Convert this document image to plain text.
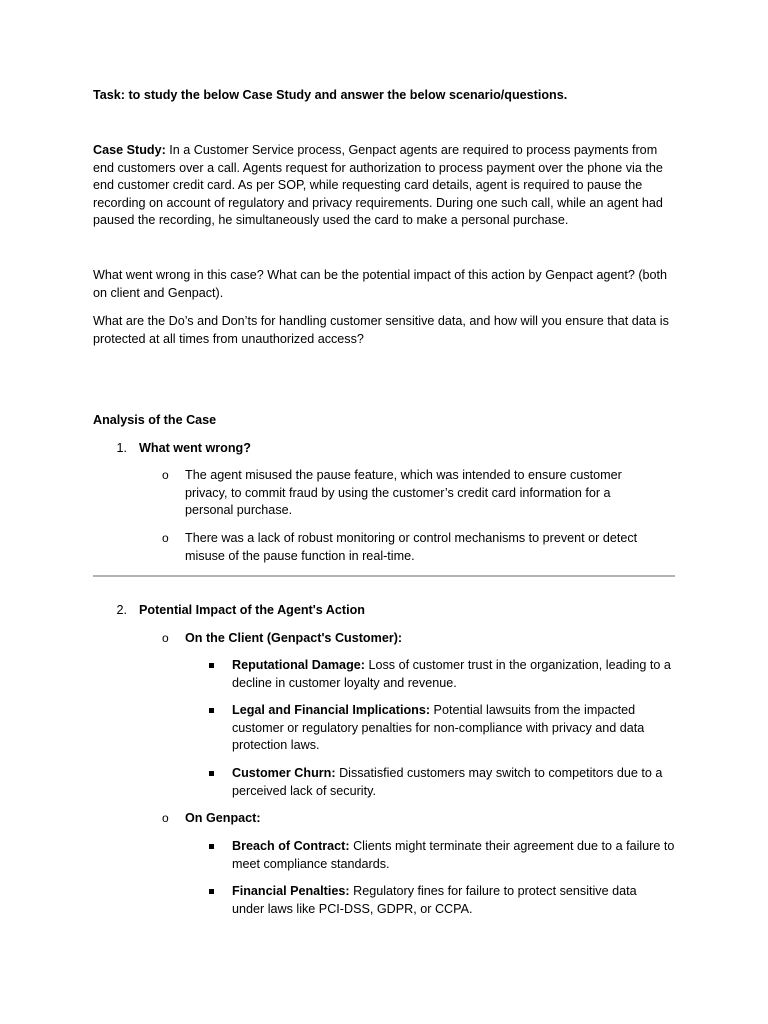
Task: to study the below Case Study and answer the below scenario/questions.

Case Study: In a Customer Service process, Genpact agents are required to process payments from end customers over a call. Agents request for authorization to process payment over the phone via the end customer credit card. As per SOP, while requesting card details, agent is required to pause the recording on account of regulatory and privacy requirements. During one such call, while an agent had paused the recording, he simultaneously used the card to make a personal purchase.

What went wrong in this case? What can be the potential impact of this action by Genpact agent? (both on client and Genpact).

What are the Do’s and Don’ts for handling customer sensitive data, and how will you ensure that data is protected at all times from unauthorized access?

Analysis of the Case

1. What went wrong?
o The agent misused the pause feature, which was intended to ensure customer privacy, to commit fraud by using the customer’s credit card information for a personal purchase.

o There was a lack of robust monitoring or control mechanisms to prevent or detect misuse of the pause function in real-time.

2. Potential Impact of the Agent's Action
o On the Client (Genpact's Customer):

Reputational Damage: Loss of customer trust in the organization, leading to a decline in customer loyalty and revenue.

Legal and Financial Implications: Potential lawsuits from the impacted customer or regulatory penalties for non-compliance with privacy and data protection laws.

Customer Churn: Dissatisfied customers may switch to competitors due to a perceived lack of security.

o On Genpact:

Breach of Contract: Clients might terminate their agreement due to a failure to meet compliance standards.

Financial Penalties: Regulatory fines for failure to protect sensitive data under laws like PCI-DSS, GDPR, or CCPA.
